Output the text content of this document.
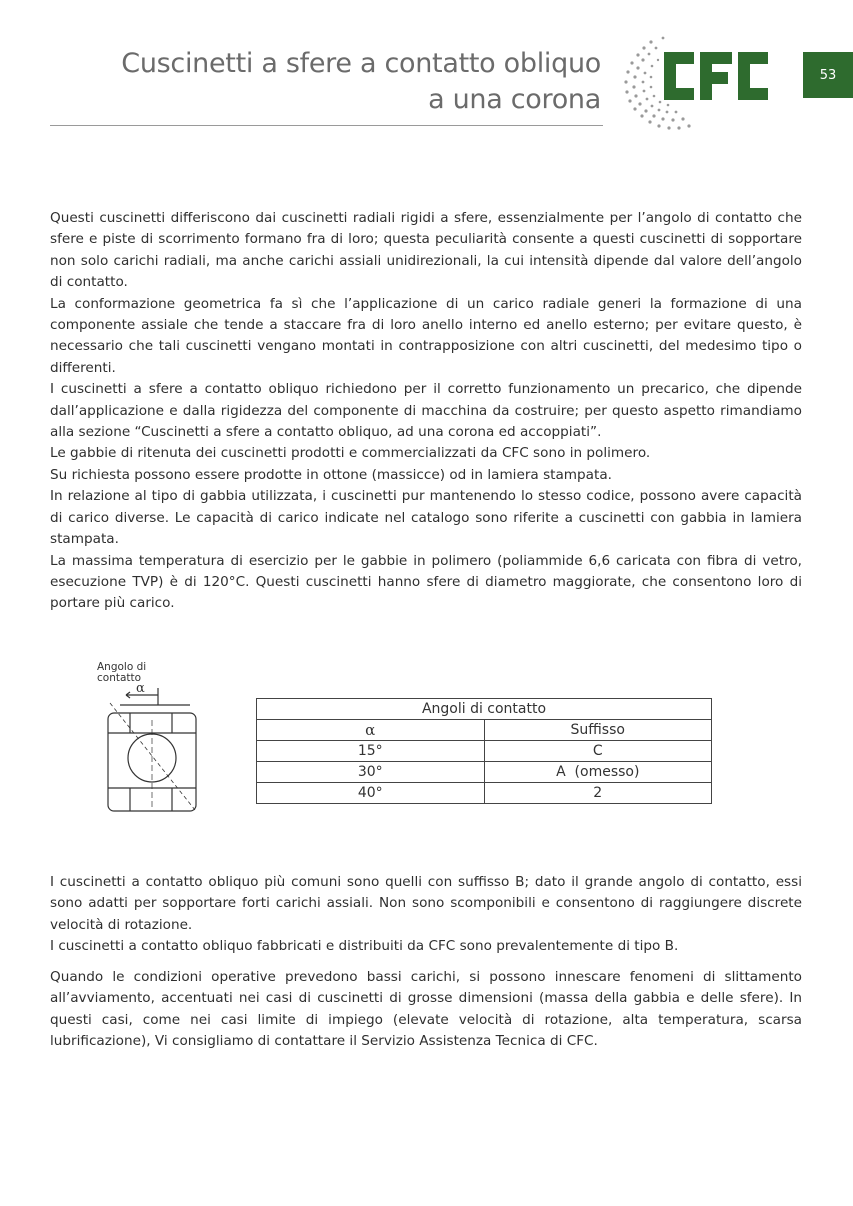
Cuscinetti a sfere a contatto obliquo
a una corona
53

Questi cuscinetti differiscono dai cuscinetti radiali rigidi a sfere, essenzialmente per l’angolo di contatto che sfere e piste di scorrimento formano fra di loro; questa peculiarità consente a questi cuscinetti di sopportare non solo carichi radiali, ma anche carichi assiali unidirezionali, la cui intensità dipende dal valore dell’angolo di contatto.

La conformazione geometrica fa sì che l’applicazione di un carico radiale generi la formazione di una componente assiale che tende a staccare fra di loro anello interno ed anello esterno; per evitare questo, è necessario che tali cuscinetti vengano montati in contrapposizione con altri cuscinetti, del medesimo tipo o differenti.

I cuscinetti a sfere a contatto obliquo richiedono per il corretto funzionamento un precarico, che dipende dall’applicazione e dalla rigidezza del componente di macchina da costruire; per questo aspetto rimandiamo alla sezione “Cuscinetti a sfere a contatto obliquo, ad una corona ed accoppiati”.

Le gabbie di ritenuta dei cuscinetti prodotti e commercializzati da CFC sono in polimero.

Su richiesta possono essere prodotte in ottone (massicce) od in lamiera stampata.

In relazione al tipo di gabbia utilizzata, i cuscinetti pur mantenendo lo stesso codice, possono avere capacità di carico diverse. Le capacità di carico indicate nel catalogo sono riferite a cuscinetti con gabbia in lamiera stampata.

La massima temperatura di esercizio per le gabbie in polimero (poliammide 6,6 caricata con fibra di vetro, esecuzione TVP) è di 120°C. Questi cuscinetti hanno sfere di diametro maggiorate, che consentono loro di portare più carico.

Angolo di
contatto
α
Angoli di contatto	
α	Suffisso
15°	C
30°	A  (omesso)
40°	2

I cuscinetti a contatto obliquo più comuni sono quelli con suffisso B; dato il grande angolo di contatto, essi sono adatti per sopportare forti carichi assiali. Non sono scomponibili e consentono di raggiungere discrete velocità di rotazione.

I cuscinetti a contatto obliquo fabbricati e distribuiti da CFC sono prevalentemente di tipo B.

Quando le condizioni operative prevedono bassi carichi, si possono innescare fenomeni di slittamento all’avviamento, accentuati nei casi di cuscinetti di grosse dimensioni (massa della gabbia e delle sfere). In questi casi, come nei casi limite di impiego (elevate velocità di rotazione, alta temperatura, scarsa lubrificazione), Vi consigliamo di contattare il Servizio Assistenza Tecnica di CFC.
